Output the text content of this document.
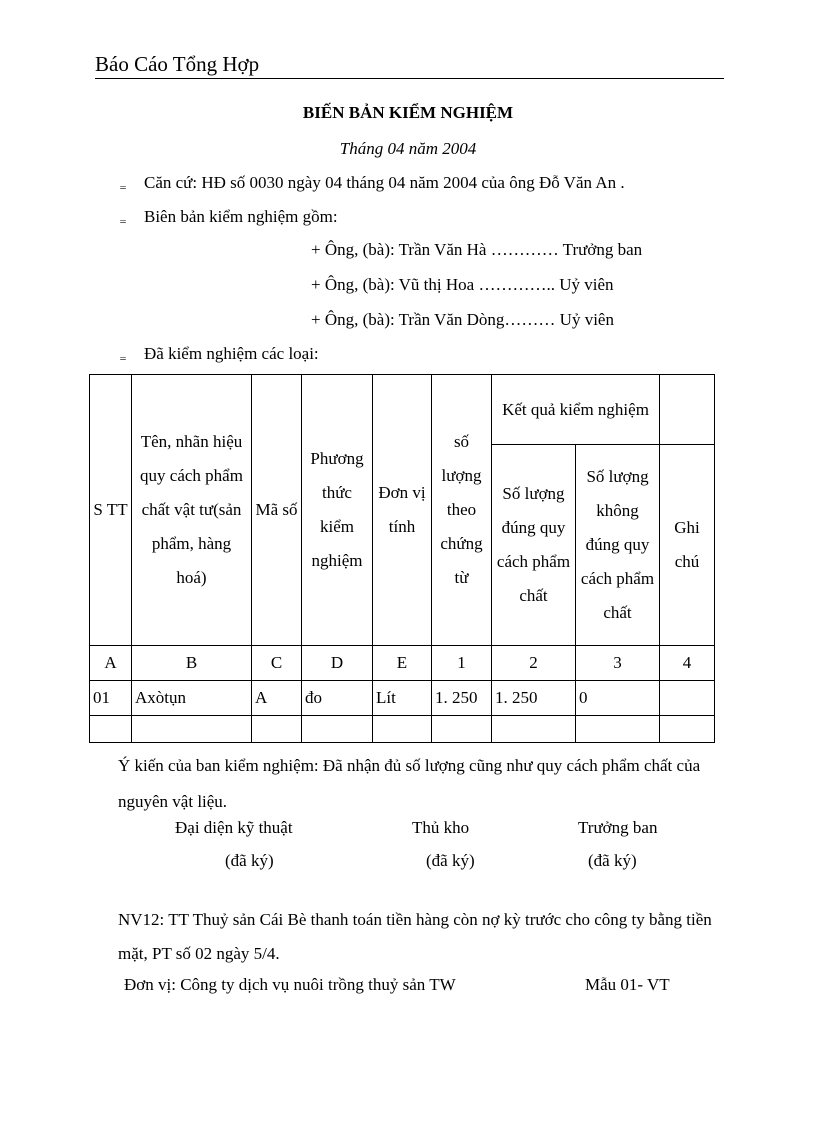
Báo Cáo Tổng Hợp
BIẾN BẢN KIỂM NGHIỆM
Tháng 04 năm 2004
‗ Căn cứ: HĐ số 0030 ngày 04 tháng 04 năm 2004 của ông Đỗ Văn An .
‗ Biên bản kiểm nghiệm gồm:
+ Ông, (bà): Trần Văn Hà ………… Trưởng ban
+ Ông, (bà): Vũ thị Hoa ………….. Uỷ viên
+ Ông, (bà): Trần Văn Dòng……… Uỷ viên
‗ Đã kiểm nghiệm các loại:
S TT	Tên, nhãn hiệu quy cách phẩm chất vật tư(sản phẩm, hàng hoá)	Mã số	Phương thức kiểm nghiệm	Đơn vị tính	số lượng theo chứng từ	Kết quả kiểm nghiệm		
						Số lượng đúng quy cách phẩm chất	Số lượng không đúng quy cách phẩm chất	Ghi chú
A	B	C	D	E	1	2	3	4
01	Axòtụn	A	đo	Lít	1. 250	1. 250	0	

Ý kiến của ban kiểm nghiệm: Đã nhận đủ số lượng cũng như quy cách phẩm chất của nguyên vật liệu.
Đại diện kỹ thuật	Thủ kho	Trưởng ban
(đã ký)	(đã ký)	(đã ký)
NV12: TT Thuỷ sản Cái Bè thanh toán tiền hàng còn nợ kỳ trước cho công ty bằng tiền mặt, PT số 02 ngày 5/4.
Đơn vị: Công ty dịch vụ nuôi trồng thuỷ sản TW	Mẫu 01- VT
